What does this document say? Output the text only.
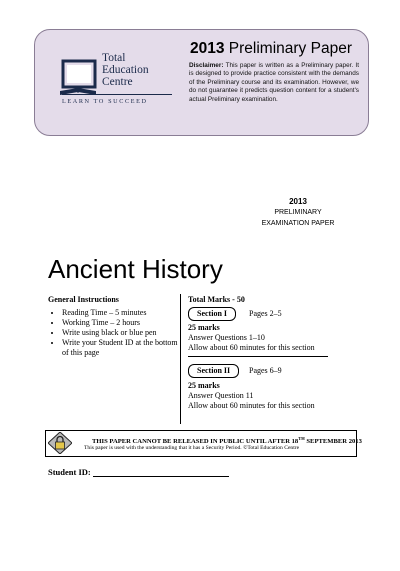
Total
Education
Centre
LEARN TO SUCCEED
2013 Preliminary Paper
Disclaimer: This paper is written as a Preliminary paper. It is designed to provide practice consistent with the demands of the Preliminary course and its examination. However, we do not guarantee it predicts question content for a student's actual Preliminary examination.
2013
PRELIMINARY
EXAMINATION PAPER
Ancient History
General Instructions
• Reading Time – 5 minutes
• Working Time – 2 hours
• Write using black or blue pen
• Write your Student ID at the bottom of this page
Total Marks - 50
Section I	Pages 2–5
25 marks
Answer Questions 1–10
Allow about 60 minutes for this section
Section II	Pages 6–9
25 marks
Answer Question 11
Allow about 60 minutes for this section
THIS PAPER CANNOT BE RELEASED IN PUBLIC UNTIL AFTER 18TH SEPTEMBER 2013
This paper is used with the understanding that it has a Security Period. ©Total Education Centre
Student ID:
